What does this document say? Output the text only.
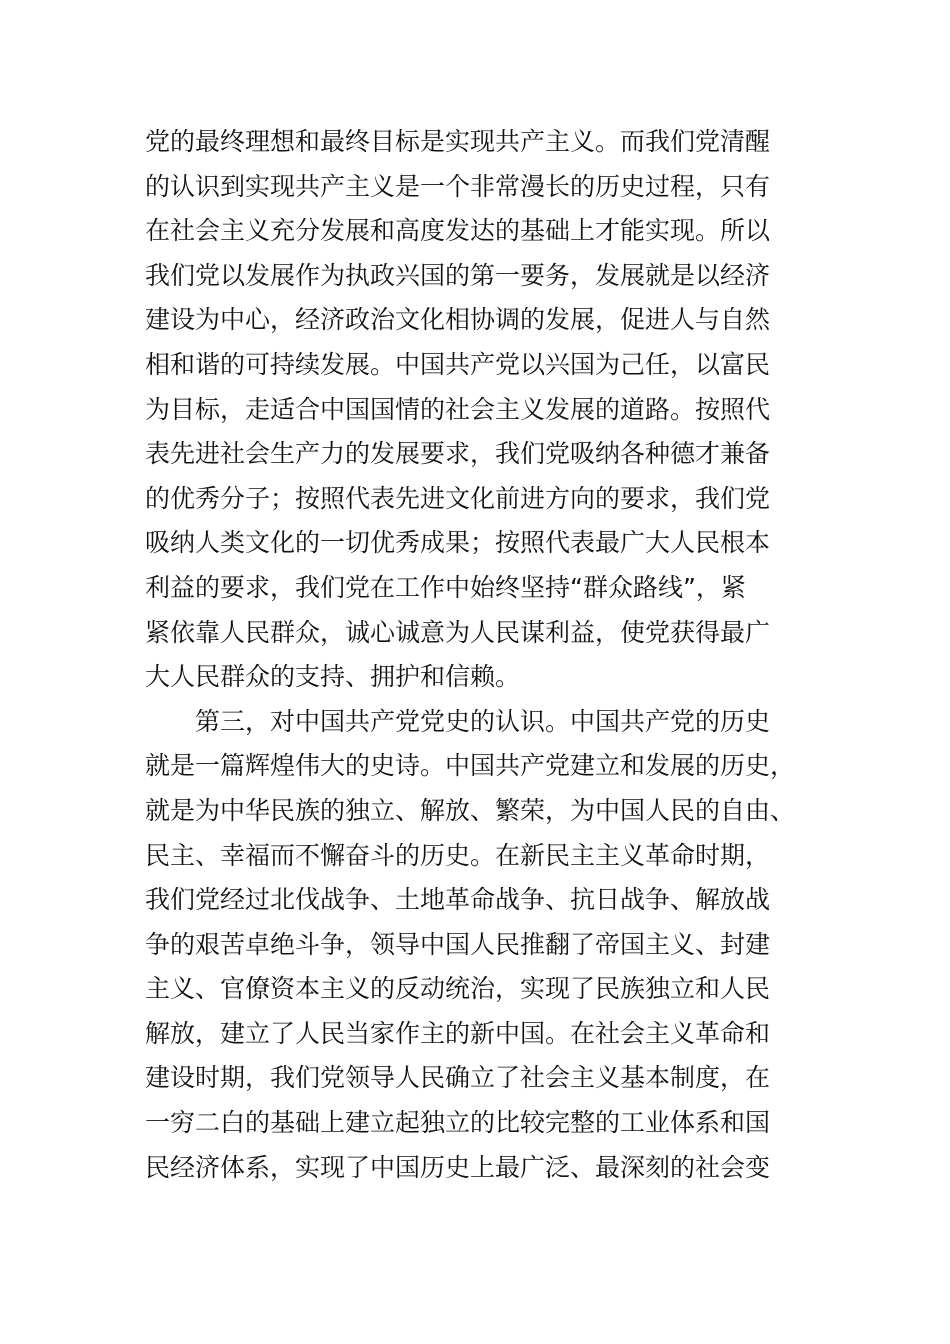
党的最终理想和最终目标是实现共产主义。而我们党清醒
的认识到实现共产主义是一个非常漫长的历史过程，只有
在社会主义充分发展和高度发达的基础上才能实现。所以
我们党以发展作为执政兴国的第一要务，发展就是以经济
建设为中心，经济政治文化相协调的发展，促进人与自然
相和谐的可持续发展。中国共产党以兴国为己任，以富民
为目标，走适合中国国情的社会主义发展的道路。按照代
表先进社会生产力的发展要求，我们党吸纳各种德才兼备
的优秀分子；按照代表先进文化前进方向的要求，我们党
吸纳人类文化的一切优秀成果；按照代表最广大人民根本
利益的要求，我们党在工作中始终坚持“群众路线”，紧
紧依靠人民群众，诚心诚意为人民谋利益，使党获得最广
大人民群众的支持、拥护和信赖。
第三，对中国共产党党史的认识。中国共产党的历史
就是一篇辉煌伟大的史诗。中国共产党建立和发展的历史，
就是为中华民族的独立、解放、繁荣，为中国人民的自由、
民主、幸福而不懈奋斗的历史。在新民主主义革命时期，
我们党经过北伐战争、土地革命战争、抗日战争、解放战
争的艰苦卓绝斗争，领导中国人民推翻了帝国主义、封建
主义、官僚资本主义的反动统治，实现了民族独立和人民
解放，建立了人民当家作主的新中国。在社会主义革命和
建设时期，我们党领导人民确立了社会主义基本制度，在
一穷二白的基础上建立起独立的比较完整的工业体系和国
民经济体系，实现了中国历史上最广泛、最深刻的社会变
